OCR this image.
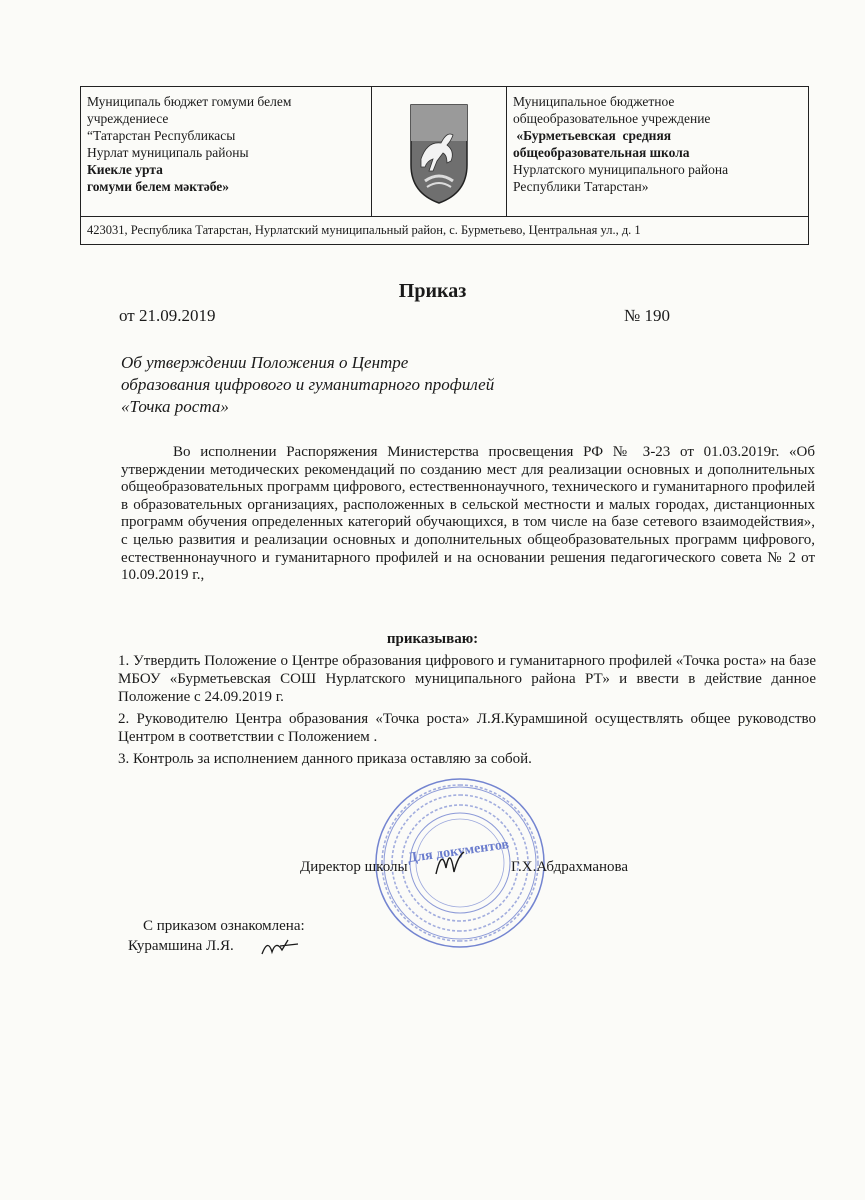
Муниципаль бюджет гомуми белем
учреждениесе
“Татарстан Республикасы
Нурлат муниципаль районы
Киекле урта
гомуми белем мәктәбе»
Муниципальное бюджетное
общеобразовательное учреждение
«Бурметьевская  средняя
общеобразовательная школа
Нурлатского муниципального района
Республики Татарстан»
423031, Республика Татарстан, Нурлатский муниципальный район, с. Бурметьево, Центральная ул., д. 1
Приказ
от 21.09.2019	№ 190
Об утверждении Положения о Центре
образования цифрового и гуманитарного профилей
«Точка роста»
Во исполнении Распоряжения Министерства просвещения РФ № З-23 от 01.03.2019г. «Об утверждении методических рекомендаций по созданию мест для реализации основных и дополнительных общеобразовательных программ цифрового, естественнонаучного, технического и гуманитарного профилей в образовательных организациях, расположенных в сельской местности и малых городах, дистанционных программ обучения определенных категорий обучающихся, в том числе на базе сетевого взаимодействия», с целью развития и реализации основных и дополнительных общеобразовательных программ цифрового, естественнонаучного и гуманитарного профилей и на основании решения педагогического совета № 2 от 10.09.2019 г.,
приказываю:

1. Утвердить Положение о Центре образования цифрового и гуманитарного профилей «Точка роста» на базе МБОУ «Бурметьевская СОШ Нурлатского муниципального района РТ» и ввести в действие данное Положение с 24.09.2019 г.

2. Руководителю Центра образования «Точка роста» Л.Я.Курамшиной осуществлять общее руководство Центром в соответствии с Положением .

3. Контроль за исполнением данного приказа оставляю за собой.

Для документов
Директор школы	Г.Х.Абдрахманова
С приказом ознакомлена:
Курамшина Л.Я.
